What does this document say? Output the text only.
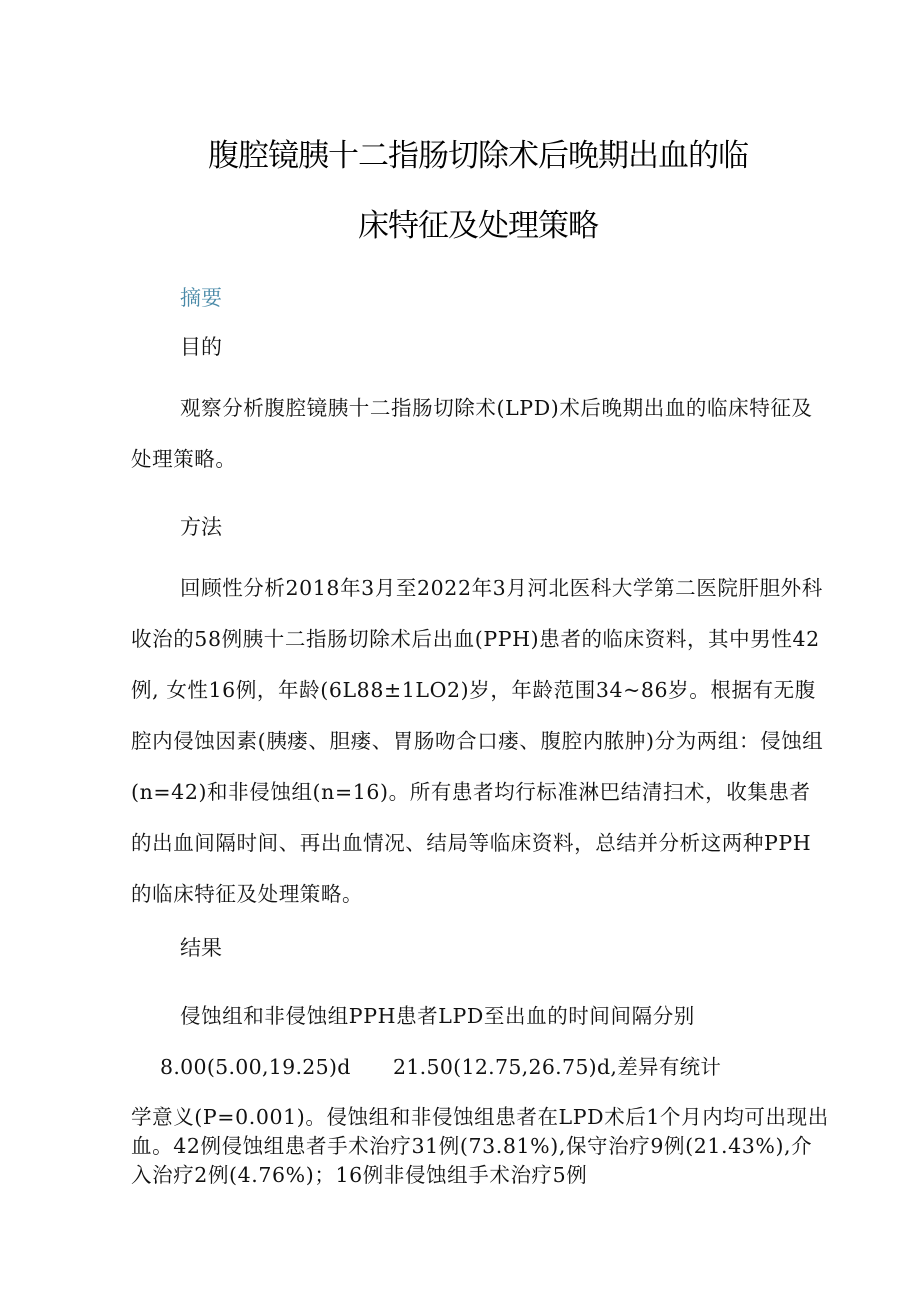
腹腔镜胰十二指肠切除术后晚期出血的临
床特征及处理策略
摘要
目的
观察分析腹腔镜胰十二指肠切除术(LPD)术后晚期出血的临床特征及处理策略。
方法
回顾性分析2018年3月至2022年3月河北医科大学第二医院肝胆外科收治的58例胰十二指肠切除术后出血(PPH)患者的临床资料，其中男性42例, 女性16例，年龄(6L88±1LO2)岁，年龄范围34~86岁。根据有无腹腔内侵蚀因素(胰瘘、胆瘘、胃肠吻合口瘘、腹腔内脓肿)分为两组：侵蚀组(n=42)和非侵蚀组(n=16)。所有患者均行标准淋巴结清扫术，收集患者的出血间隔时间、再出血情况、结局等临床资料，总结并分析这两种PPH的临床特征及处理策略。
结果
侵蚀组和非侵蚀组PPH患者LPD至出血的时间间隔分别
8.00(5.00,19.25)d 21.50(12.75,26.75)d,差异有统计
学意义(P=0.001)。侵蚀组和非侵蚀组患者在LPD术后1个月内均可出现出血。42例侵蚀组患者手术治疗31例(73.81%),保守治疗9例(21.43%),介入治疗2例(4.76%)；16例非侵蚀组手术治疗5例
